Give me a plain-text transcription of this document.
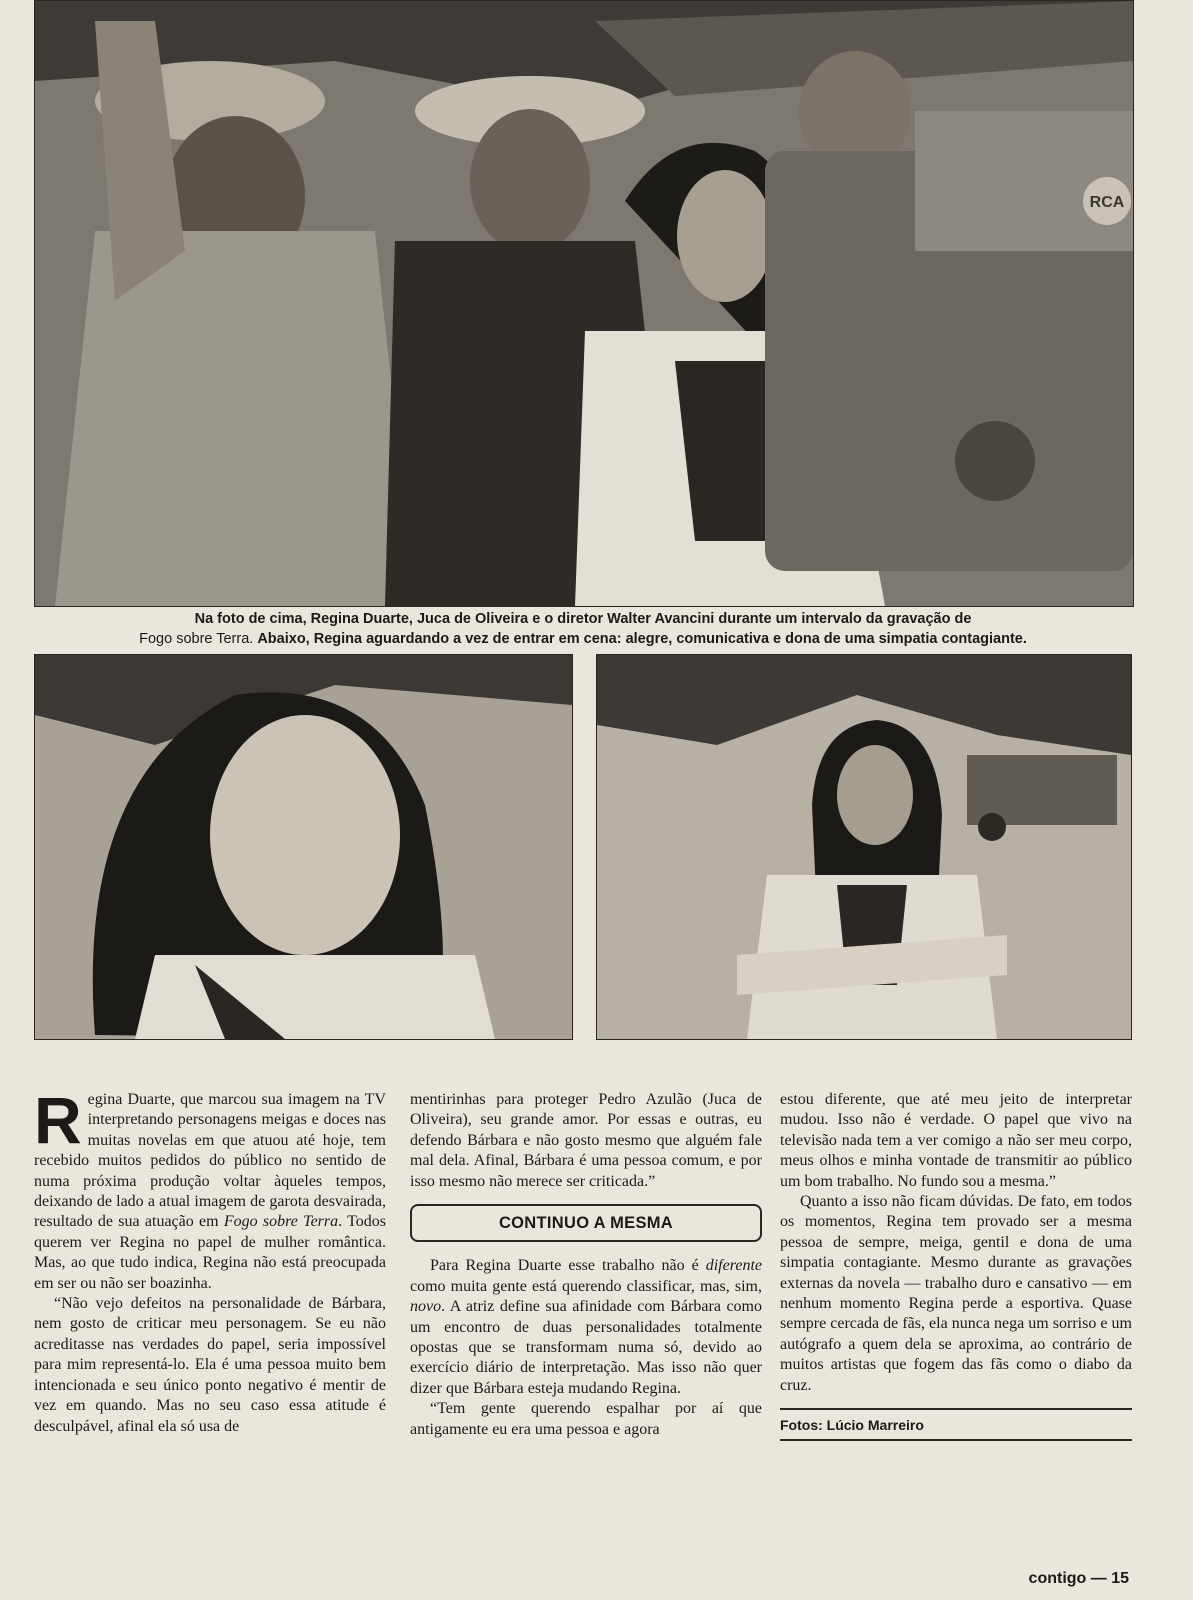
RCA
Na foto de cima, Regina Duarte, Juca de Oliveira e o diretor Walter Avancini durante um intervalo da gravação de
Fogo sobre Terra. Abaixo, Regina aguardando a vez de entrar em cena: alegre, comunicativa e dona de uma simpatia contagiante.

Regina Duarte, que marcou sua imagem na TV interpretando personagens meigas e doces nas muitas novelas em que atuou até hoje, tem recebido muitos pedidos do público no sentido de numa próxima produção voltar àqueles tempos, deixando de lado a atual imagem de garota desvairada, resultado de sua atuação em Fogo sobre Terra. Todos querem ver Regina no papel de mulher romântica. Mas, ao que tudo indica, Regina não está preocupada em ser ou não ser boazinha.

“Não vejo defeitos na personalidade de Bárbara, nem gosto de criticar meu personagem. Se eu não acreditasse nas verdades do papel, seria impossível para mim representá-lo. Ela é uma pessoa muito bem intencionada e seu único ponto negativo é mentir de vez em quando. Mas no seu caso essa atitude é desculpável, afinal ela só usa de

mentirinhas para proteger Pedro Azulão (Juca de Oliveira), seu grande amor. Por essas e outras, eu defendo Bárbara e não gosto mesmo que alguém fale mal dela. Afinal, Bárbara é uma pessoa comum, e por isso mesmo não merece ser criticada.”

CONTINUO A MESMA

Para Regina Duarte esse trabalho não é diferente como muita gente está querendo classificar, mas, sim, novo. A atriz define sua afinidade com Bárbara como um encontro de duas personalidades totalmente opostas que se transformam numa só, devido ao exercício diário de interpretação. Mas isso não quer dizer que Bárbara esteja mudando Regina.

“Tem gente querendo espalhar por aí que antigamente eu era uma pessoa e agora

estou diferente, que até meu jeito de interpretar mudou. Isso não é verdade. O papel que vivo na televisão nada tem a ver comigo a não ser meu corpo, meus olhos e minha vontade de transmitir ao público um bom trabalho. No fundo sou a mesma.”

Quanto a isso não ficam dúvidas. De fato, em todos os momentos, Regina tem provado ser a mesma pessoa de sempre, meiga, gentil e dona de uma simpatia contagiante. Mesmo durante as gravações externas da novela — trabalho duro e cansativo — em nenhum momento Regina perde a esportiva. Quase sempre cercada de fãs, ela nunca nega um sorriso e um autógrafo a quem dela se aproxima, ao contrário de muitos artistas que fogem das fãs como o diabo da cruz.

Fotos: Lúcio Marreiro
contigo — 15
